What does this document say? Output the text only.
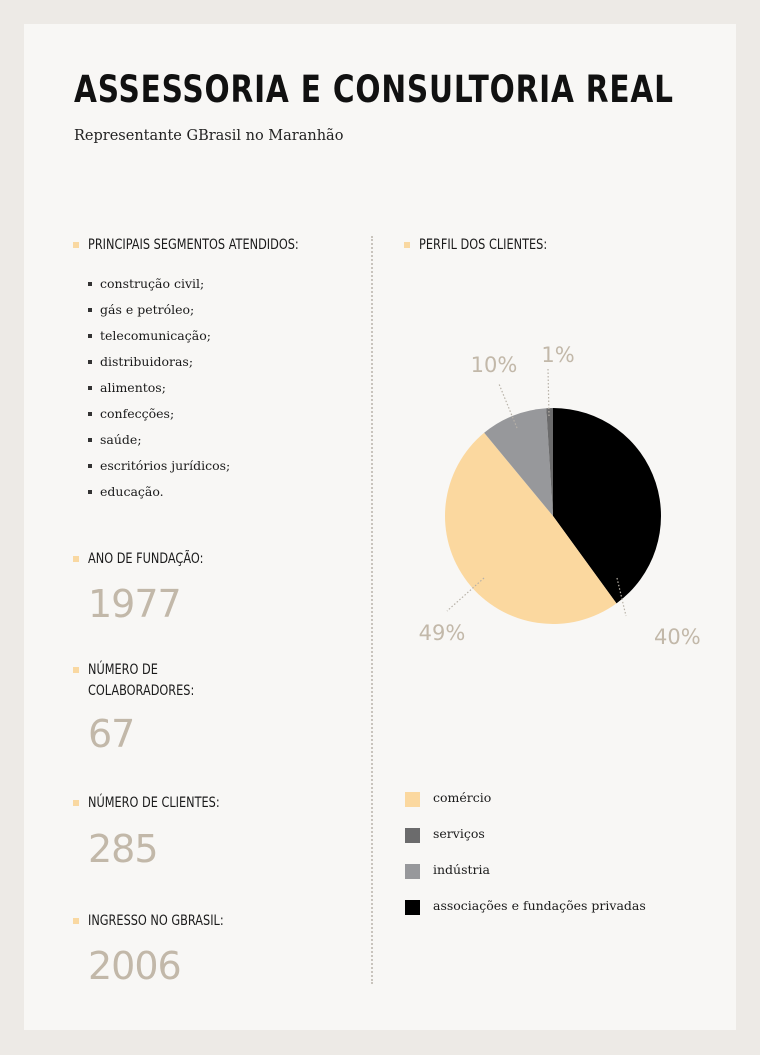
ASSESSORIA E CONSULTORIA REAL
Representante GBrasil no Maranhão
PRINCIPAIS SEGMENTOS ATENDIDOS:
construção civil;
gás e petróleo;
telecomunicação;
distribuidoras;
alimentos;
confecções;
saúde;
escritórios jurídicos;
educação.
ANO DE FUNDAÇÃO:
1977
NÚMERO DE
COLABORADORES:
67
NÚMERO DE CLIENTES:
285
INGRESSO NO GBRASIL:
2006
PERFIL DOS CLIENTES:
40%
49%
10% 1%
comércio
serviços
indústria
associações e fundações privadas
